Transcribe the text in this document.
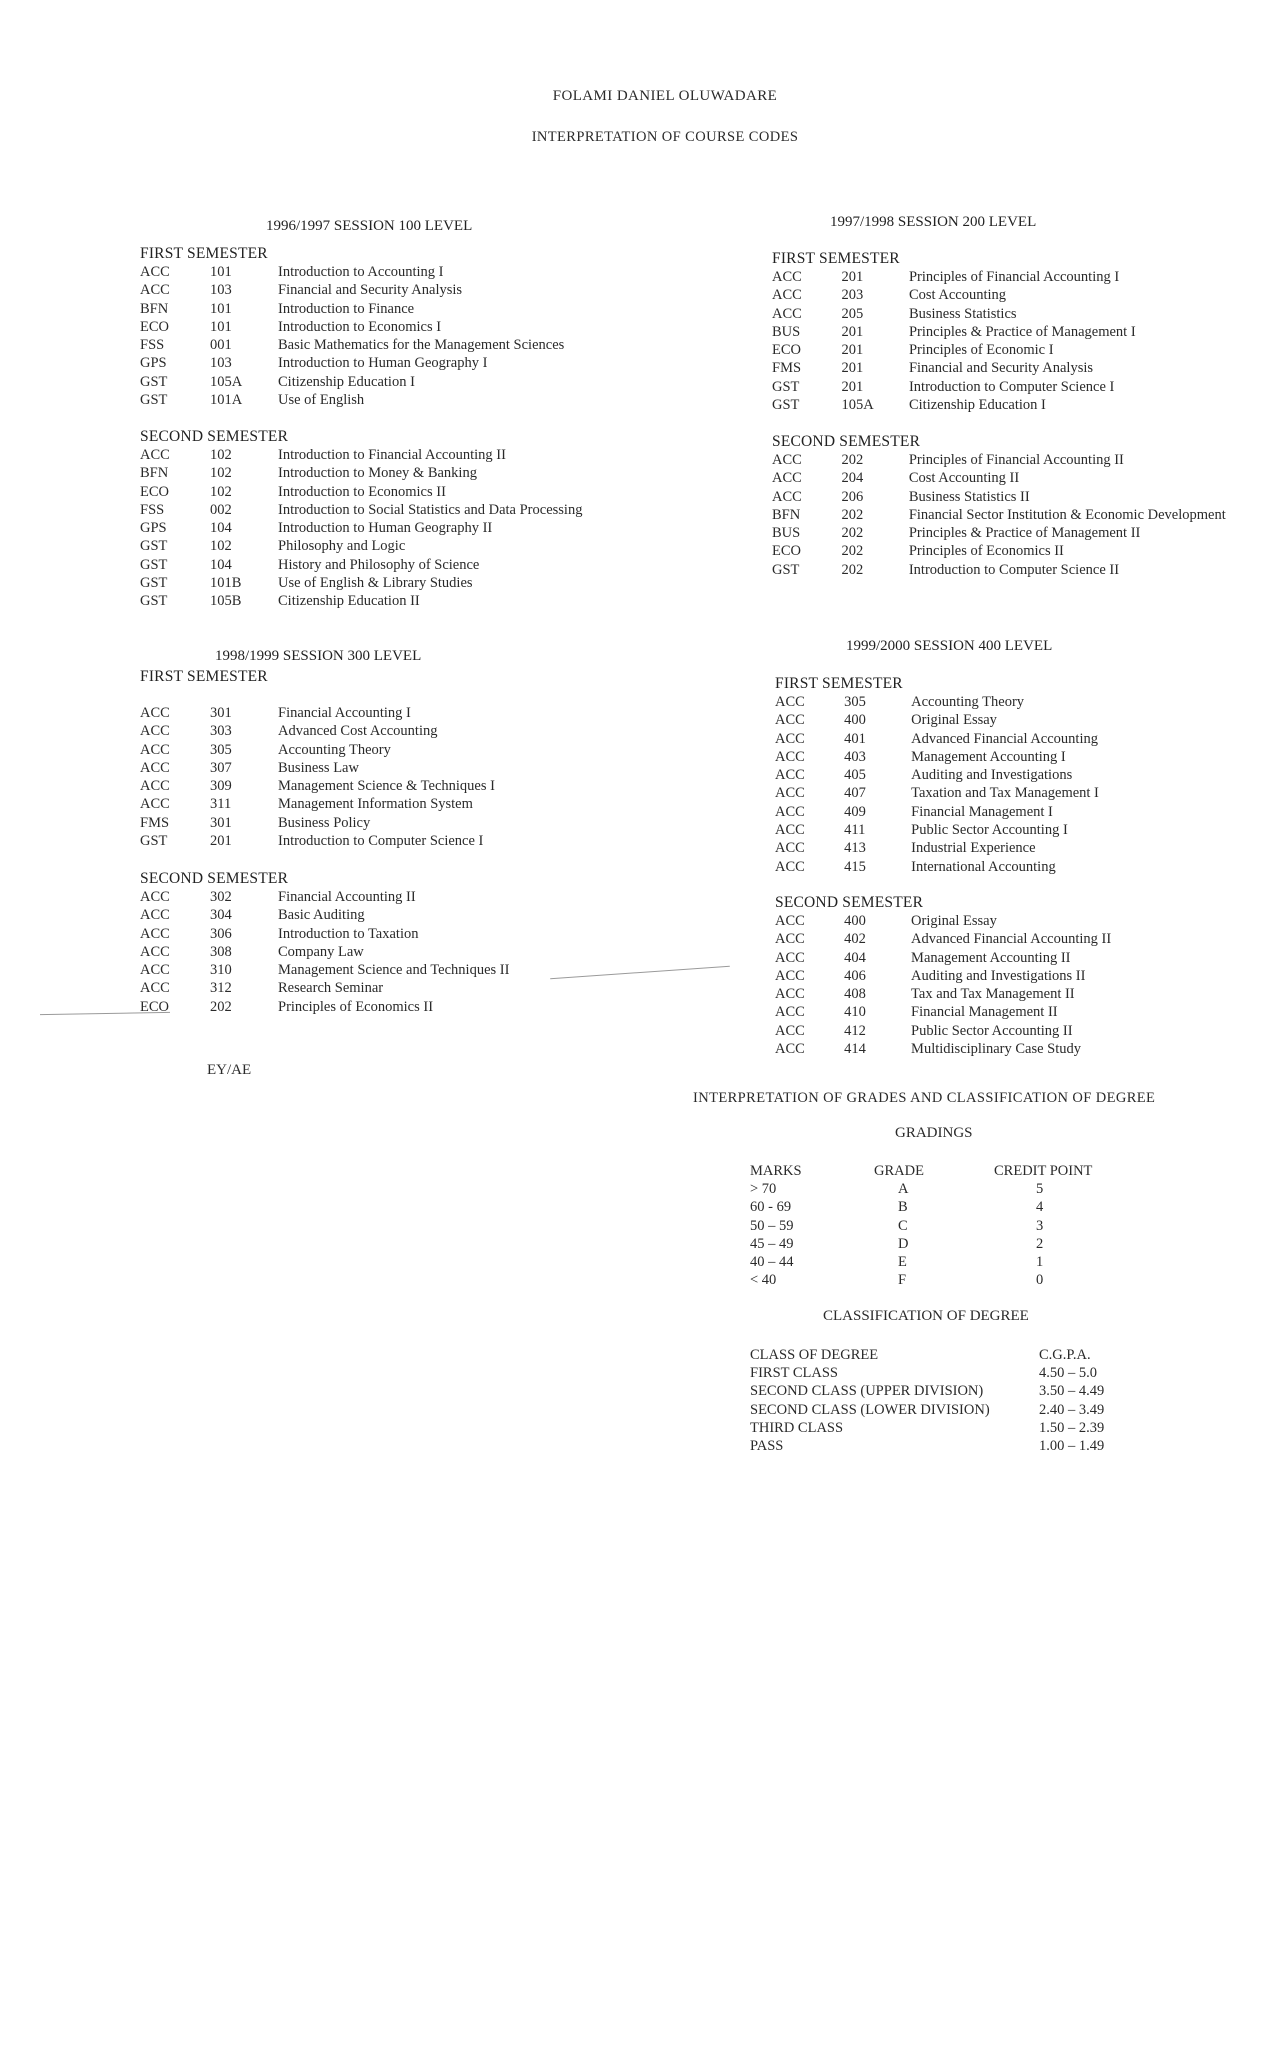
FOLAMI DANIEL OLUWADARE
INTERPRETATION OF COURSE CODES
1996/1997 SESSION 100 LEVEL
FIRST SEMESTER
ACC	101	Introduction to Accounting I
ACC	103	Financial and Security Analysis
BFN	101	Introduction to Finance
ECO	101	Introduction to Economics I
FSS	001	Basic Mathematics for the Management Sciences
GPS	103	Introduction to Human Geography I
GST	105A	Citizenship Education I
GST	101A	Use of English
SECOND SEMESTER
ACC	102	Introduction to Financial Accounting II
BFN	102	Introduction to Money & Banking
ECO	102	Introduction to Economics II
FSS	002	Introduction to Social Statistics and Data Processing
GPS	104	Introduction to Human Geography II
GST	102	Philosophy and Logic
GST	104	History and Philosophy of Science
GST	101B	Use of English & Library Studies
GST	105B	Citizenship Education II
1997/1998 SESSION 200 LEVEL
FIRST SEMESTER
ACC	201	Principles of Financial Accounting I
ACC	203	Cost Accounting
ACC	205	Business Statistics
BUS	201	Principles & Practice of Management I
ECO	201	Principles of Economic I
FMS	201	Financial and Security Analysis
GST	201	Introduction to Computer Science I
GST	105A	Citizenship Education I
SECOND SEMESTER
ACC	202	Principles of Financial Accounting II
ACC	204	Cost Accounting II
ACC	206	Business Statistics II
BFN	202	Financial Sector Institution & Economic Development
BUS	202	Principles & Practice of Management II
ECO	202	Principles of Economics II
GST	202	Introduction to Computer Science II
1998/1999 SESSION 300 LEVEL
FIRST SEMESTER
ACC	301	Financial Accounting I
ACC	303	Advanced Cost Accounting
ACC	305	Accounting Theory
ACC	307	Business Law
ACC	309	Management Science & Techniques I
ACC	311	Management Information System
FMS	301	Business Policy
GST	201	Introduction to Computer Science I
SECOND SEMESTER
ACC	302	Financial Accounting II
ACC	304	Basic Auditing
ACC	306	Introduction to Taxation
ACC	308	Company Law
ACC	310	Management Science and Techniques II
ACC	312	Research Seminar
ECO	202	Principles of Economics II
1999/2000 SESSION 400 LEVEL
FIRST SEMESTER
ACC	305	Accounting Theory
ACC	400	Original Essay
ACC	401	Advanced Financial Accounting
ACC	403	Management Accounting I
ACC	405	Auditing and Investigations
ACC	407	Taxation and Tax Management I
ACC	409	Financial Management I
ACC	411	Public Sector Accounting I
ACC	413	Industrial Experience
ACC	415	International Accounting
SECOND SEMESTER
ACC	400	Original Essay
ACC	402	Advanced Financial Accounting II
ACC	404	Management Accounting II
ACC	406	Auditing and Investigations II
ACC	408	Tax and Tax Management II
ACC	410	Financial Management II
ACC	412	Public Sector Accounting II
ACC	414	Multidisciplinary Case Study
EY/AE
INTERPRETATION OF GRADES AND CLASSIFICATION OF DEGREE
GRADINGS
MARKS	GRADE	CREDIT POINT
> 70	A	5
60 - 69	B	4
50 – 59	C	3
45 – 49	D	2
40 – 44	E	1
< 40	F	0
CLASSIFICATION OF DEGREE
CLASS OF DEGREE	C.G.P.A.
FIRST CLASS	4.50 – 5.0
SECOND CLASS (UPPER DIVISION)	3.50 – 4.49
SECOND CLASS (LOWER DIVISION)	2.40 – 3.49
THIRD CLASS	1.50 – 2.39
PASS	1.00 – 1.49
